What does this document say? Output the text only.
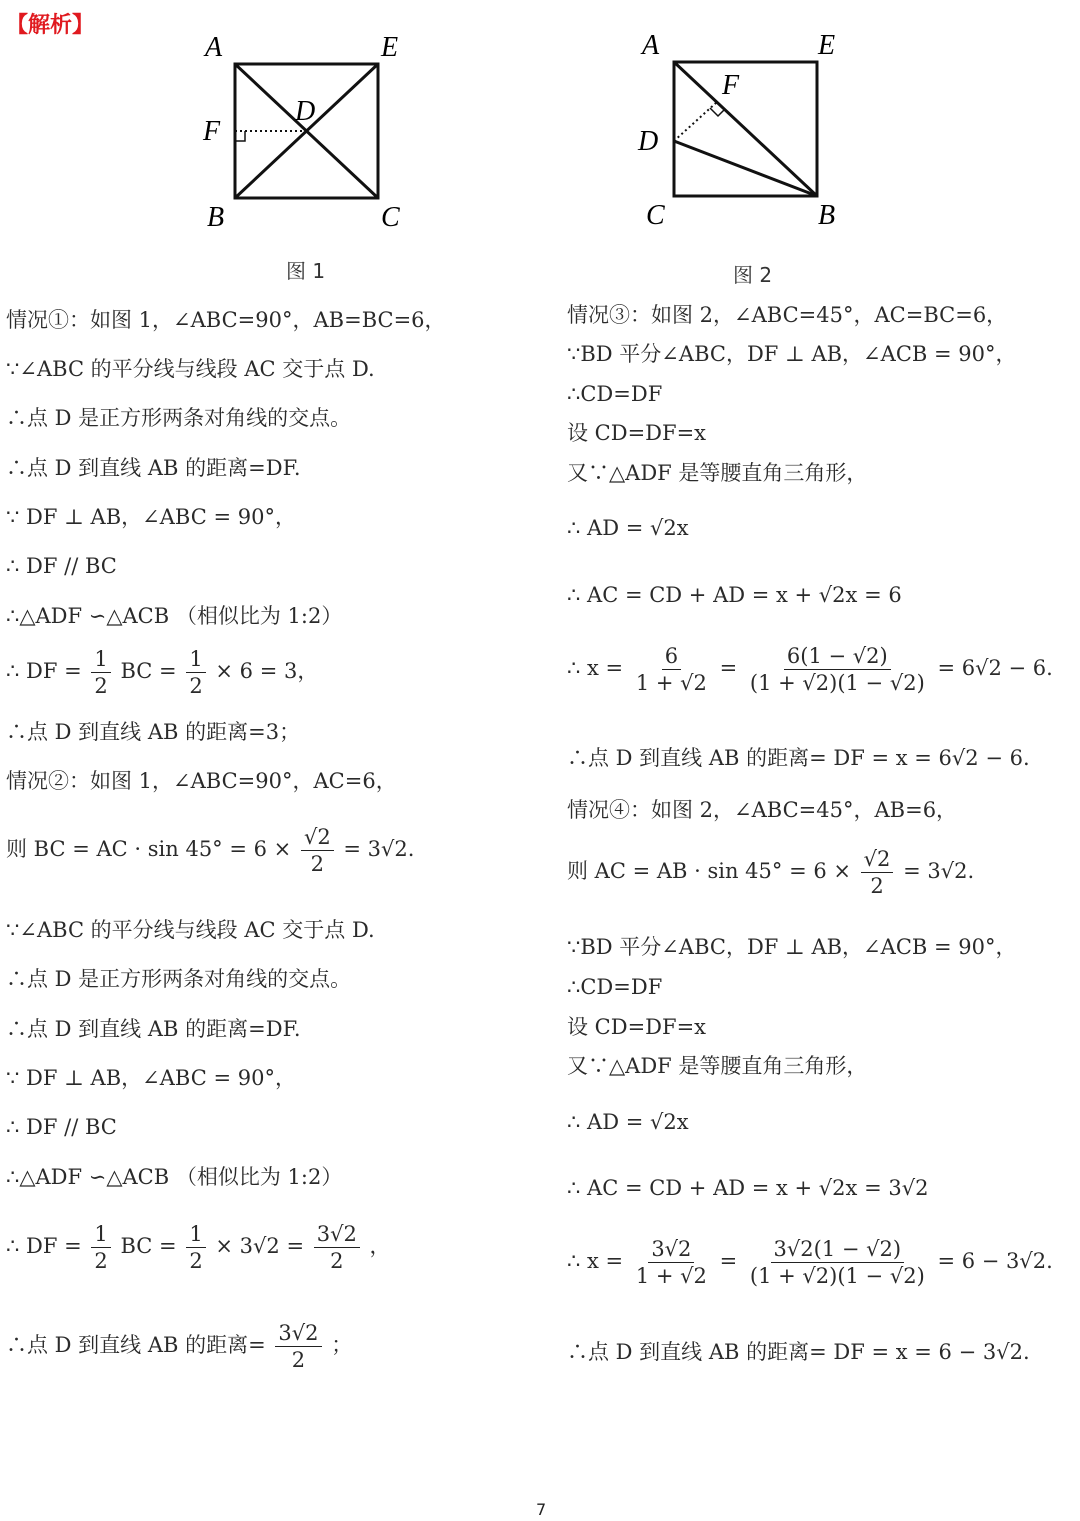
【解析】
A	E
F
D
B	C
图 1
A	E
F
D
C	B
图 2
情况①：如图 1，∠ABC=90°，AB=BC=6，
∵∠ABC 的平分线与线段 AC 交于点 D.
∴点 D 是正方形两条对角线的交点。
∴点 D 到直线 AB 的距离=DF.
∵ DF ⊥ AB，∠ABC = 90°，
∴ DF // BC
∴△ADF ∽△ACB （相似比为 1:2）
∴ DF = $\frac{1}{2}$ BC = $\frac{1}{2} \times 6 = 3$，
∴点 D 到直线 AB 的距离=3；
情况②：如图 1，∠ABC=90°，AC=6，
则 BC = AC · $\sin 45^\circ = 6 \times \frac{√2}{2} = 3√2$.
∵∠ABC 的平分线与线段 AC 交于点 D.
∴点 D 是正方形两条对角线的交点。
∴点 D 到直线 AB 的距离=DF.
∵ DF ⊥ AB，∠ABC = 90°，
∴ DF // BC
∴△ADF ∽△ACB （相似比为 1:2）
∴ DF = $\frac{1}{2}$ BC = $\frac{1}{2} \times 3√2 = \frac{3√2}{2}$ ，
∴点 D 到直线 AB 的距离= $\frac{3√2}{2}$ ；
情况③：如图 2，∠ABC=45°，AC=BC=6，
∵BD 平分∠ABC，DF ⊥ AB，∠ACB = 90°，
∴CD=DF
设 CD=DF=x
又∵△ADF 是等腰直角三角形，
∴ AD = √2x
∴ AC = CD + AD = x + √2x = 6
∴ $x = \frac{6}{1 + √2} = \frac{6(1 - √2)}{(1 + √2)(1 - √2)} = 6√2 - 6$.
∴点 D 到直线 AB 的距离= DF = x = 6√2 − 6.
情况④：如图 2，∠ABC=45°，AB=6，
则 AC = AB · $\sin 45^\circ = 6 \times \frac{√2}{2} = 3√2$.
∵BD 平分∠ABC，DF ⊥ AB，∠ACB = 90°，
∴CD=DF
设 CD=DF=x
又∵△ADF 是等腰直角三角形，
∴ AD = √2x
∴ AC = CD + AD = x + √2x = 3√2
∴ $x = \frac{3√2}{1 + √2} = \frac{3√2(1 - √2)}{(1 + √2)(1 - √2)} = 6 - 3√2$.
∴点 D 到直线 AB 的距离= DF = x = 6 − 3√2.
7
